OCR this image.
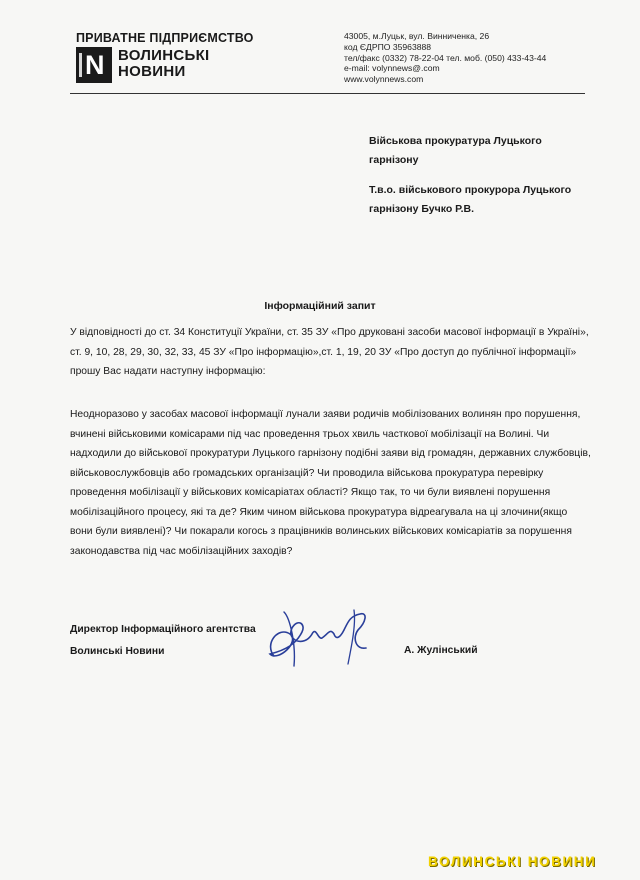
ПРИВАТНЕ ПІДПРИЄМСТВО
N ВОЛИНСЬКІ
НОВИНИ
43005, м.Луцьк, вул. Винниченка, 26
код ЄДРПО 35963888
тел/факс (0332) 78-22-04 тел. моб. (050) 433-43-44
e-mail: volynnews@.com
www.volynnews.com
Військова прокуратура Луцького
гарнізону
Т.в.о. військового прокурора Луцького
гарнізону Бучко Р.В.
Інформаційний запит
У відповідності до ст. 34 Конституції України, ст. 35 ЗУ «Про друковані засоби масової інформації в Україні», ст. 9, 10, 28, 29, 30, 32, 33, 45 ЗУ «Про інформацію»,ст. 1, 19, 20 ЗУ «Про доступ до публічної інформації» прошу Вас надати наступну інформацію:
Неодноразово у засобах масової інформації лунали заяви родичів мобілізованих волинян про порушення, вчинені військовими комісарами під час проведення трьох хвиль часткової мобілізації на Волині. Чи надходили до військової прокуратури Луцького гарнізону подібні заяви від громадян, державних службовців, військовослужбовців або громадських організацій? Чи проводила військова прокуратура перевірку проведення мобілізації у військових комісаріатах області? Якщо так, то чи були виявлені порушення мобілізаційного процесу, які та де? Яким чином військова прокуратура відреагувала на ці злочини(якщо вони були виявлені)? Чи покарали когось з працівників волинських військових комісаріатів за порушення законодавства під час мобілізаційних заходів?
Директор Інформаційного агентства
Волинські Новини	А. Жулінський
ВОЛИНСЬКІ НОВИНИ
